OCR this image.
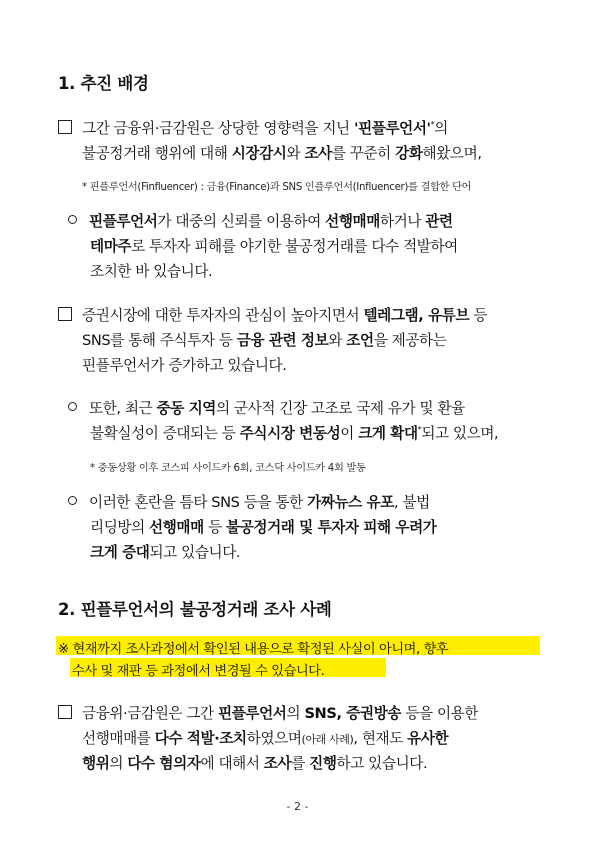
1. 추진 배경
그간 금융위·금감원은 상당한 영향력을 지닌 '핀플루언서'*의
불공정거래 행위에 대해 시장감시와 조사를 꾸준히 강화해왔으며,
* 핀플루언서(Finfluencer) : 금융(Finance)과 SNS 인플루언서(Influencer)를 결합한 단어
핀플루언서가 대중의 신뢰를 이용하여 선행매매하거나 관련
테마주로 투자자 피해를 야기한 불공정거래를 다수 적발하여
조치한 바 있습니다.
증권시장에 대한 투자자의 관심이 높아지면서 텔레그램, 유튜브 등
SNS를 통해 주식투자 등 금융 관련 정보와 조언을 제공하는
핀플루언서가 증가하고 있습니다.
또한, 최근 중동 지역의 군사적 긴장 고조로 국제 유가 및 환율
불확실성이 증대되는 등 주식시장 변동성이 크게 확대*되고 있으며,
* 중동상황 이후 코스피 사이드카 6회, 코스닥 사이드카 4회 발동
이러한 혼란을 틈타 SNS 등을 통한 가짜뉴스 유포, 불법
리딩방의 선행매매 등 불공정거래 및 투자자 피해 우려가
크게 증대되고 있습니다.
2. 핀플루언서의 불공정거래 조사 사례
※ 현재까지 조사과정에서 확인된 내용으로 확정된 사실이 아니며, 향후
수사 및 재판 등 과정에서 변경될 수 있습니다.
금융위·금감원은 그간 핀플루언서의 SNS, 증권방송 등을 이용한
선행매매를 다수 적발·조치하였으며(아래 사례), 현재도 유사한
행위의 다수 혐의자에 대해서 조사를 진행하고 있습니다.
- 2 -
